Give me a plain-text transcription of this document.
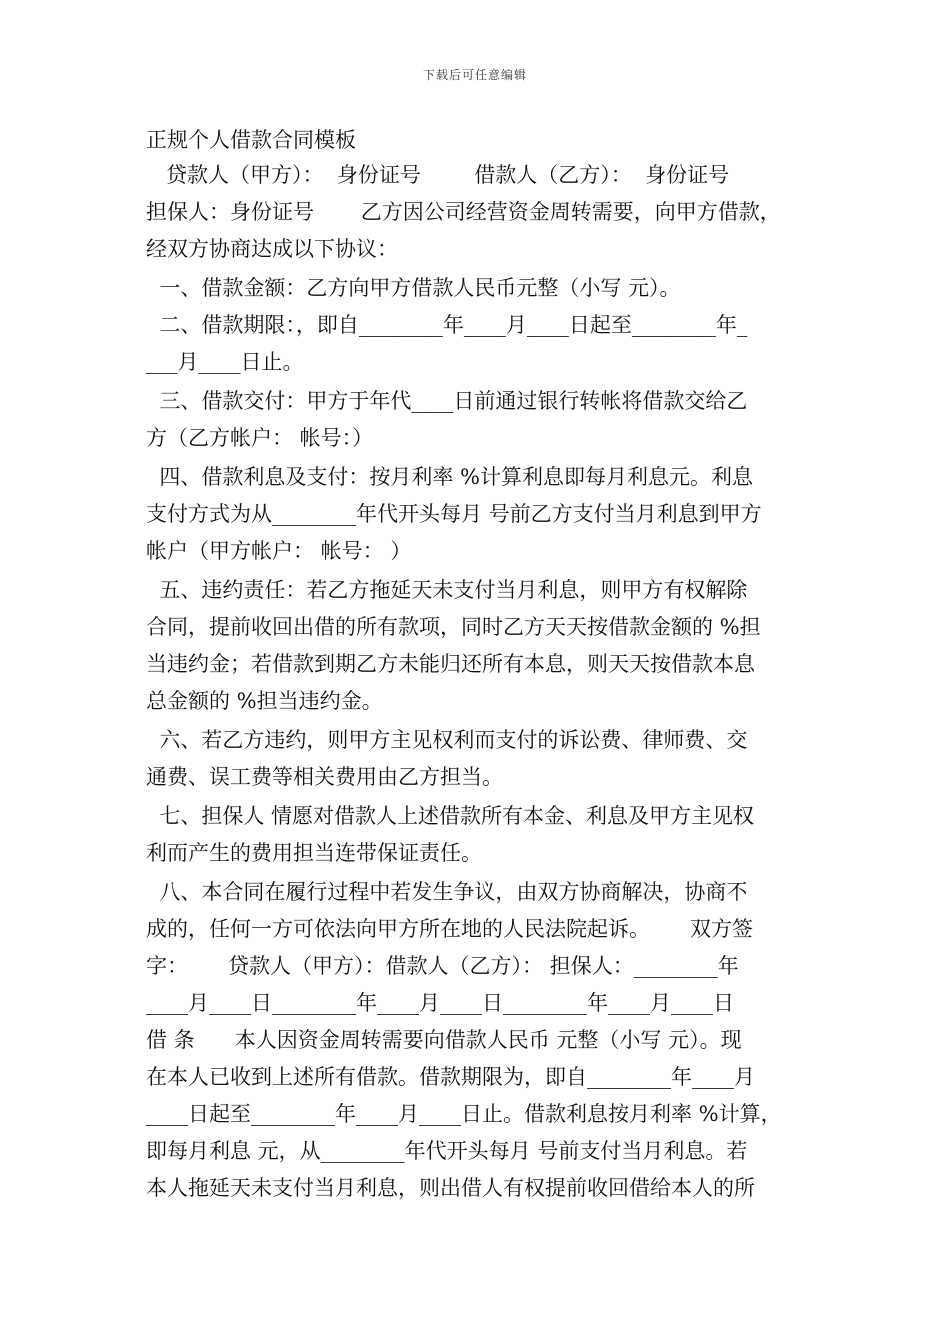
下载后可任意编辑
正规个人借款合同模板
贷款人（甲方）：  身份证号        借款人（乙方）：  身份证号
担保人：身份证号       乙方因公司经营资金周转需要，向甲方借款，
经双方协商达成以下协议：
一、借款金额：乙方向甲方借款人民币元整（小写 元）。
二、借款期限：，即自________年____月____日起至________年_
___月____日止。
三、借款交付：甲方于年代____日前通过银行转帐将借款交给乙
方（乙方帐户： 帐号：）
四、借款利息及支付：按月利率 %计算利息即每月利息元。利息
支付方式为从________年代开头每月 号前乙方支付当月利息到甲方
帐户（甲方帐户： 帐号： ）
五、违约责任：若乙方拖延天未支付当月利息，则甲方有权解除
合同，提前收回出借的所有款项，同时乙方天天按借款金额的 %担
当违约金；若借款到期乙方未能归还所有本息，则天天按借款本息
总金额的 %担当违约金。
六、若乙方违约，则甲方主见权利而支付的诉讼费、律师费、交
通费、误工费等相关费用由乙方担当。
七、担保人 情愿对借款人上述借款所有本金、利息及甲方主见权
利而产生的费用担当连带保证责任。
八、本合同在履行过程中若发生争议，由双方协商解决，协商不
成的，任何一方可依法向甲方所在地的人民法院起诉。      双方签
字：      贷款人（甲方）：借款人（乙方）： 担保人：________年
____月____日________年____月____日________年____月____日
借 条      本人因资金周转需要向借款人民币 元整（小写 元）。现
在本人已收到上述所有借款。借款期限为，即自________年____月
____日起至________年____月____日止。借款利息按月利率 %计算，
即每月利息 元，从________年代开头每月 号前支付当月利息。若
本人拖延天未支付当月利息，则出借人有权提前收回借给本人的所
